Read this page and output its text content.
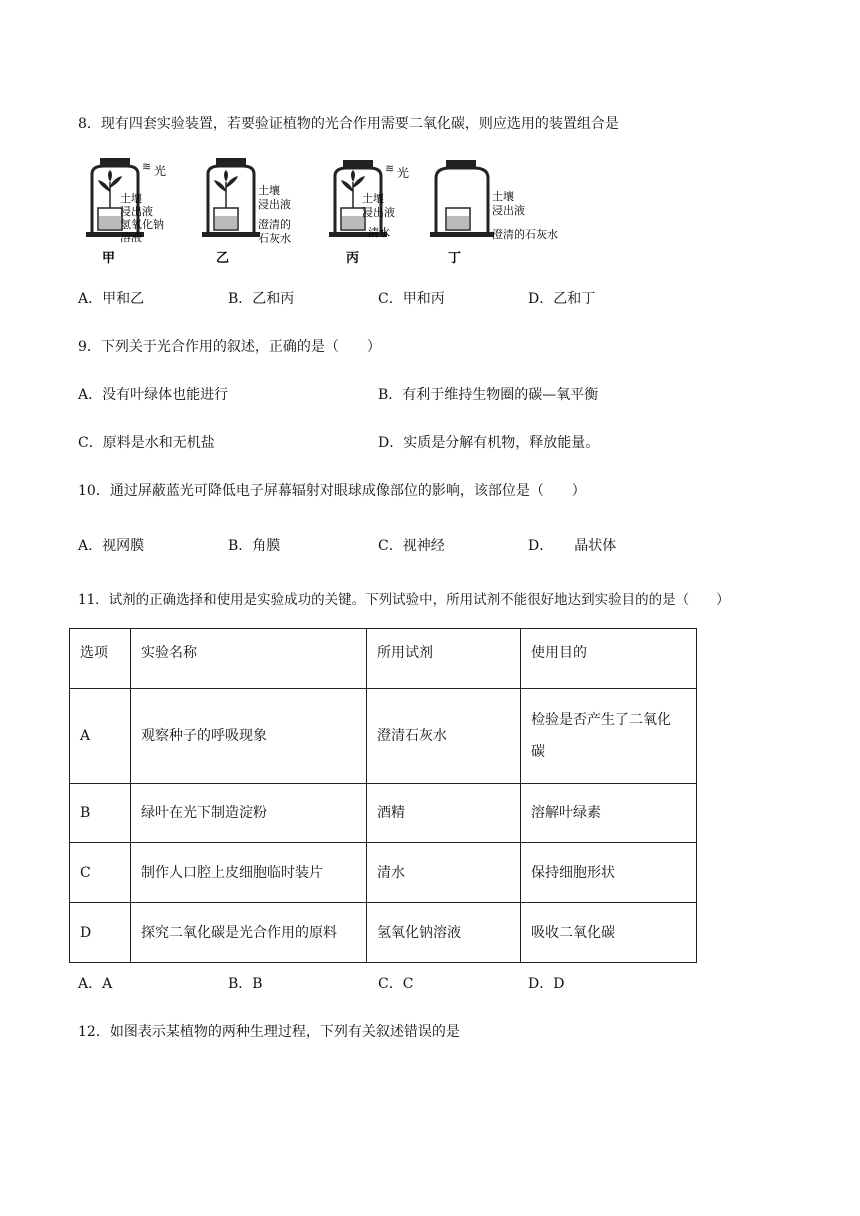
8．现有四套实验装置，若要验证植物的光合作用需要二氧化碳，则应选用的装置组合是
≋ 光
土壤
浸出液
氢氧化钠
溶液
甲
土壤
浸出液
澄清的
石灰水
乙
≋ 光
土壤
浸出液
清水
丙
土壤
浸出液
澄清的石灰水
丁
A．甲和乙	B．乙和丙	C．甲和丙	D．乙和丁
9．下列关于光合作用的叙述，正确的是（　　）
A．没有叶绿体也能进行	B．有利于维持生物圈的碳—氧平衡
C．原料是水和无机盐	D．实质是分解有机物，释放能量。
10．通过屏蔽蓝光可降低电子屏幕辐射对眼球成像部位的影响，该部位是（　　）
A．视网膜	B．角膜	C．视神经	D．　　晶状体
11．试剂的正确选择和使用是实验成功的关键。下列试验中，所用试剂不能很好地达到实验目的的是（　　）
选项	实验名称	所用试剂	使用目的
A	观察种子的呼吸现象	澄清石灰水	检验是否产生了二氧化
碳

B	绿叶在光下制造淀粉	酒精	溶解叶绿素
C	制作人口腔上皮细胞临时装片	清水	保持细胞形状
D	探究二氧化碳是光合作用的原料	氢氧化钠溶液	吸收二氧化碳
A．A	B．B	C．C	D．D
12．如图表示某植物的两种生理过程，下列有关叙述错误的是
